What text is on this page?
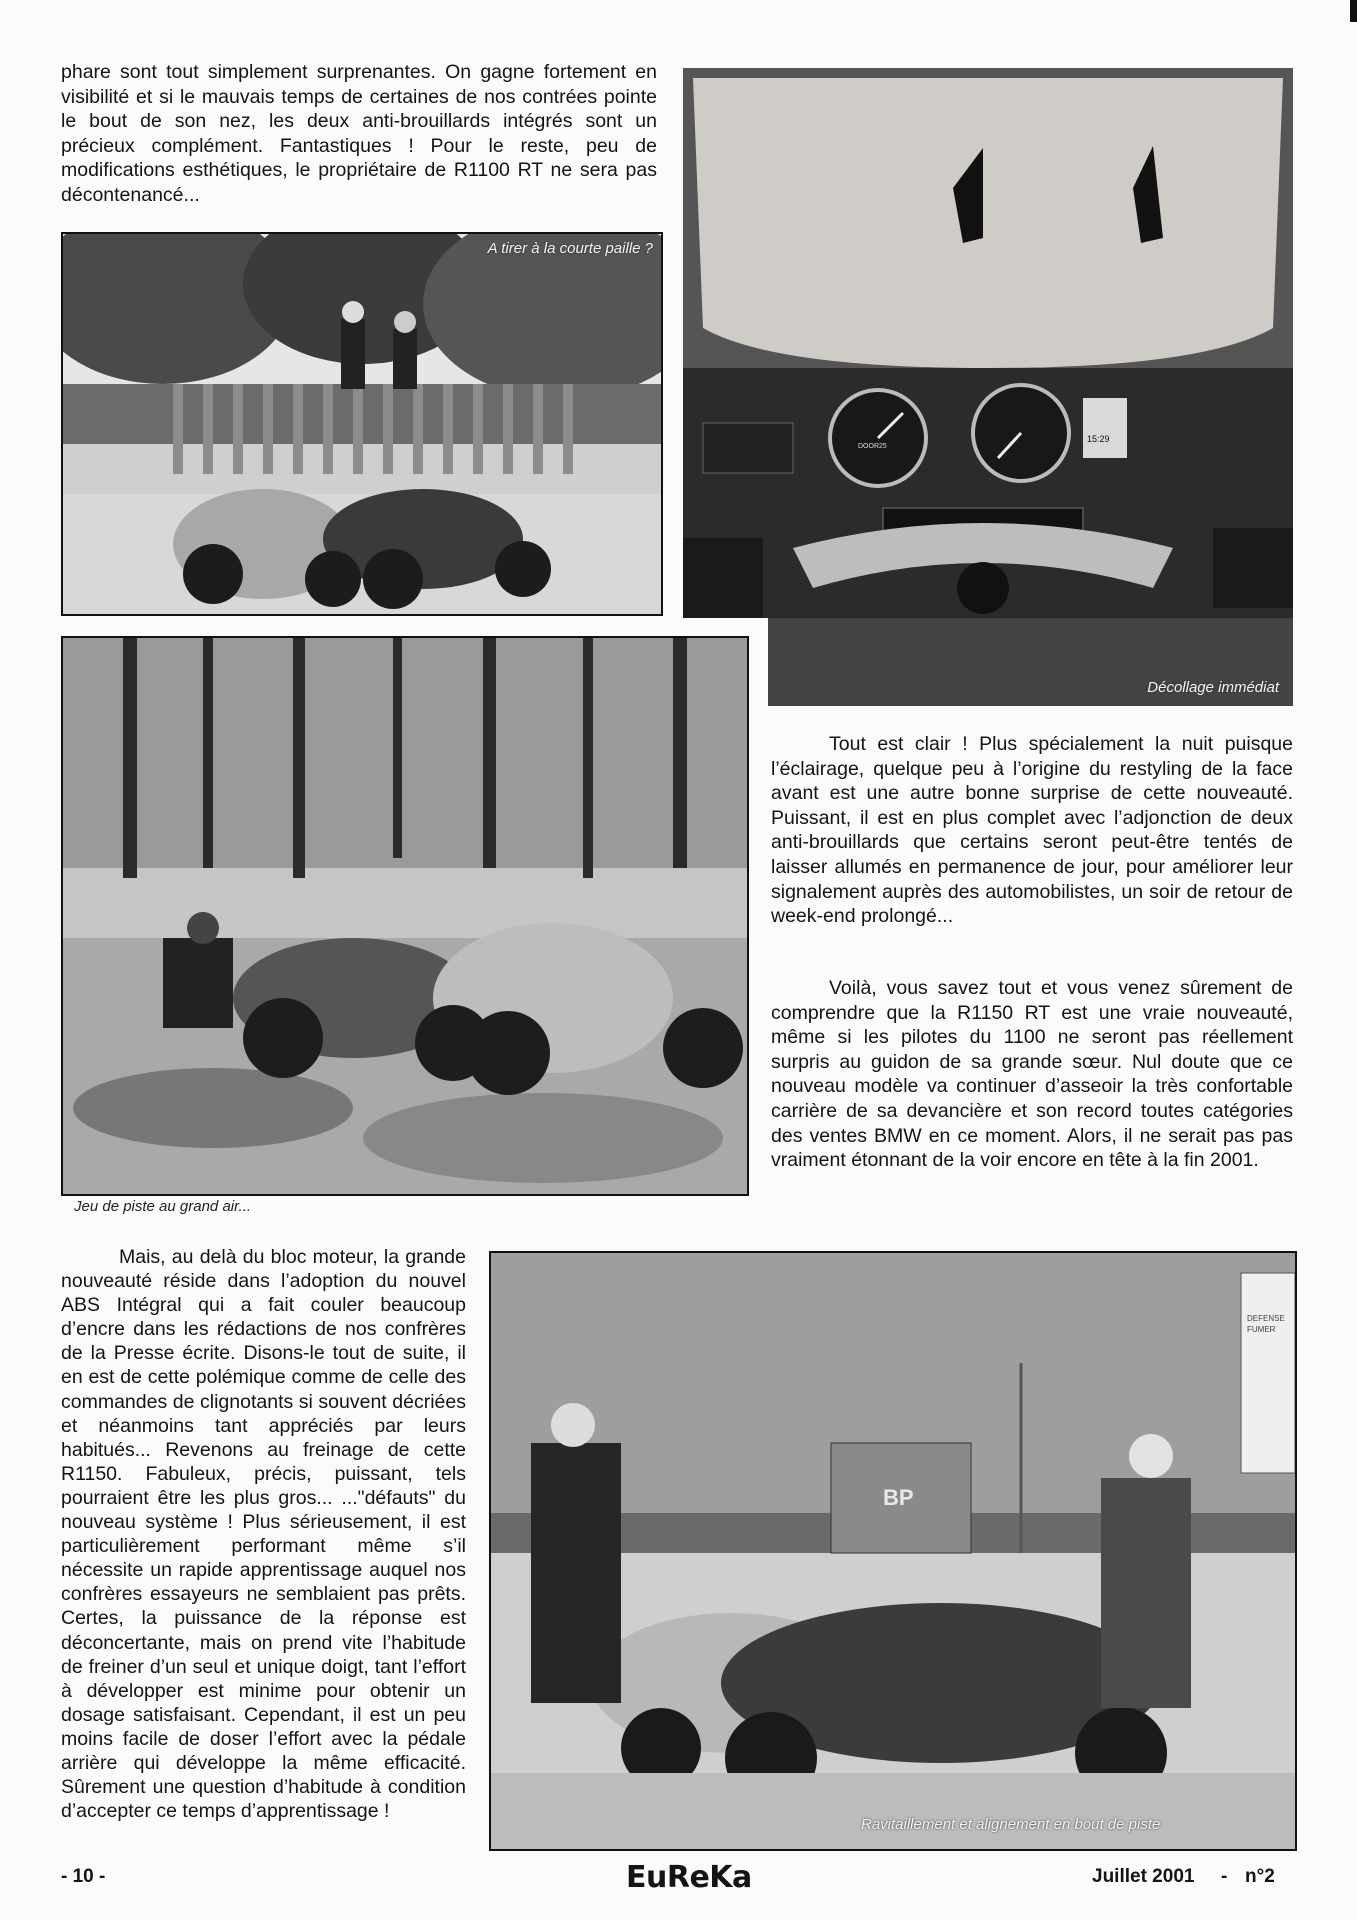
phare sont tout simplement surprenantes. On gagne fortement en visibilité et si le mauvais temps de certaines de nos contrées pointe le bout de son nez, les deux anti-brouillards intégrés sont un précieux complément. Fantastiques ! Pour le reste, peu de modifications esthétiques, le propriétaire de R1100 RT ne sera pas décontenancé...

A tirer à la courte paille ?
DOOR25
15:29
Décollage immédiat
Jeu de piste au grand air...

Tout est clair ! Plus spécialement la nuit puisque l’éclairage, quelque peu à l’origine du restyling de la face avant est une autre bonne surprise de cette nouveauté. Puissant, il est en plus complet avec l’adjonction de deux anti-brouillards que certains seront peut-être tentés de laisser allumés en permanence de jour, pour améliorer leur signalement auprès des automobilistes, un soir de retour de week-end prolongé...

Voilà, vous savez tout et vous venez sûrement de comprendre que la R1150 RT est une vraie nouveauté, même si les pilotes du 1100 ne seront pas réellement surpris au guidon de sa grande sœur. Nul doute que ce nouveau modèle va continuer d’asseoir la très confortable carrière de sa devancière et son record toutes catégories des ventes BMW en ce moment. Alors, il ne serait pas pas vraiment étonnant de la voir encore en tête à la fin 2001.

Mais, au delà du bloc moteur, la grande nouveauté réside dans l’adoption du nouvel ABS Intégral qui a fait couler beaucoup d’encre dans les rédactions de nos confrères de la Presse écrite. Disons-le tout de suite, il en est de cette polémique comme de celle des commandes de clignotants si souvent décriées et néanmoins tant appréciés par leurs habitués... Revenons au freinage de cette R1150. Fabuleux, précis, puissant, tels pourraient être les plus gros... ..."défauts" du nouveau système ! Plus sérieusement, il est particulièrement performant même s’il nécessite un rapide apprentissage auquel nos confrères essayeurs ne semblaient pas prêts. Certes, la puissance de la réponse est déconcertante, mais on prend vite l’habitude de freiner d’un seul et unique doigt, tant l’effort à développer est minime pour obtenir un dosage satisfaisant. Cependant, il est un peu moins facile de doser l’effort avec la pédale arrière qui développe la même efficacité. Sûrement une question d’habitude à condition d’accepter ce temps d’apprentissage !

BP
DEFENSE FUMER
Ravitaillement et alignement en bout de piste
- 10 -	EuReKa	Juillet 2001 - n°2
